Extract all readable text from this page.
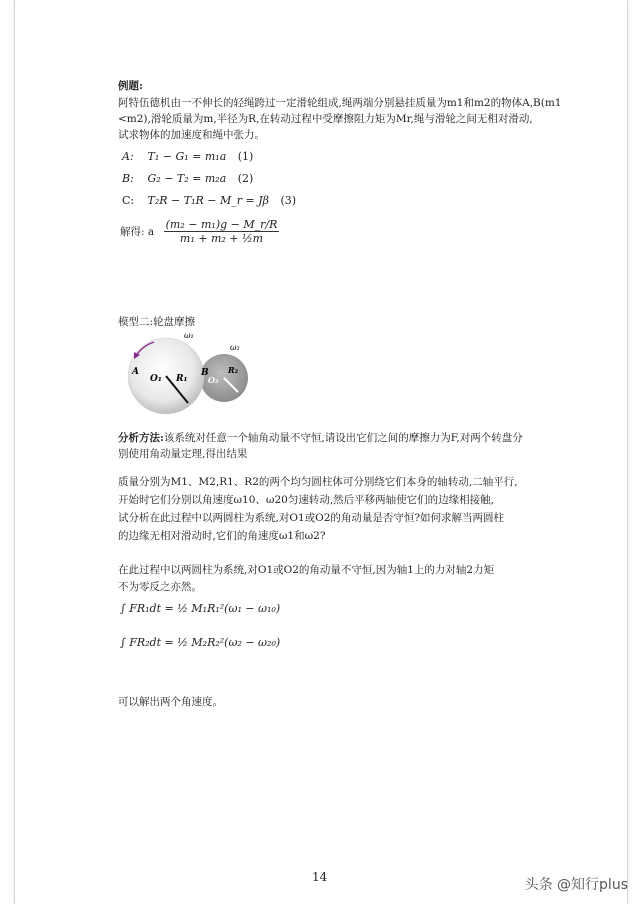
例题:
阿特伍德机由一不伸长的轻绳跨过一定滑轮组成,绳两端分别悬挂质量为m1和m2的物体A,B(m1
<m2),滑轮质量为m,半径为R,在转动过程中受摩擦阻力矩为Mr,绳与滑轮之间无相对滑动,
试求物体的加速度和绳中张力。
A: T₁ − G₁ = m₁a (1)
B: G₂ − T₂ = m₂a (2)
C: T₂R − T₁R − M_r = Jβ (3)
解得: a $\frac{\text{(m₂ − m₁)g − M\_r/R}}{\text{m₁ + m₂ + ½m}}$
模型二:轮盘摩擦
ω₁
ω₂
A
O₁ R₁
B
O₂
R₂
分析方法:该系统对任意一个轴角动量不守恒,请设出它们之间的摩擦力为F,对两个转盘分
别使用角动量定理,得出结果
质量分别为M1、M2,R1、R2的两个均匀圆柱体可分别绕它们本身的轴转动,二轴平行,
开始时它们分别以角速度ω10、ω20匀速转动,然后平移两轴使它们的边缘相接触,
试分析在此过程中以两圆柱为系统,对O1或O2的角动量是否守恒?如何求解当两圆柱
的边缘无相对滑动时,它们的角速度ω1和ω2?
在此过程中以两圆柱为系统,对O1或O2的角动量不守恒,因为轴1上的力对轴2力矩
不为零反之亦然。
∫ FR₁dt = ½ M₁R₁²(ω₁ − ω₁₀)
∫ FR₂dt = ½ M₂R₂²(ω₂ − ω₂₀)
可以解出两个角速度。
14	头条 @知行plus
